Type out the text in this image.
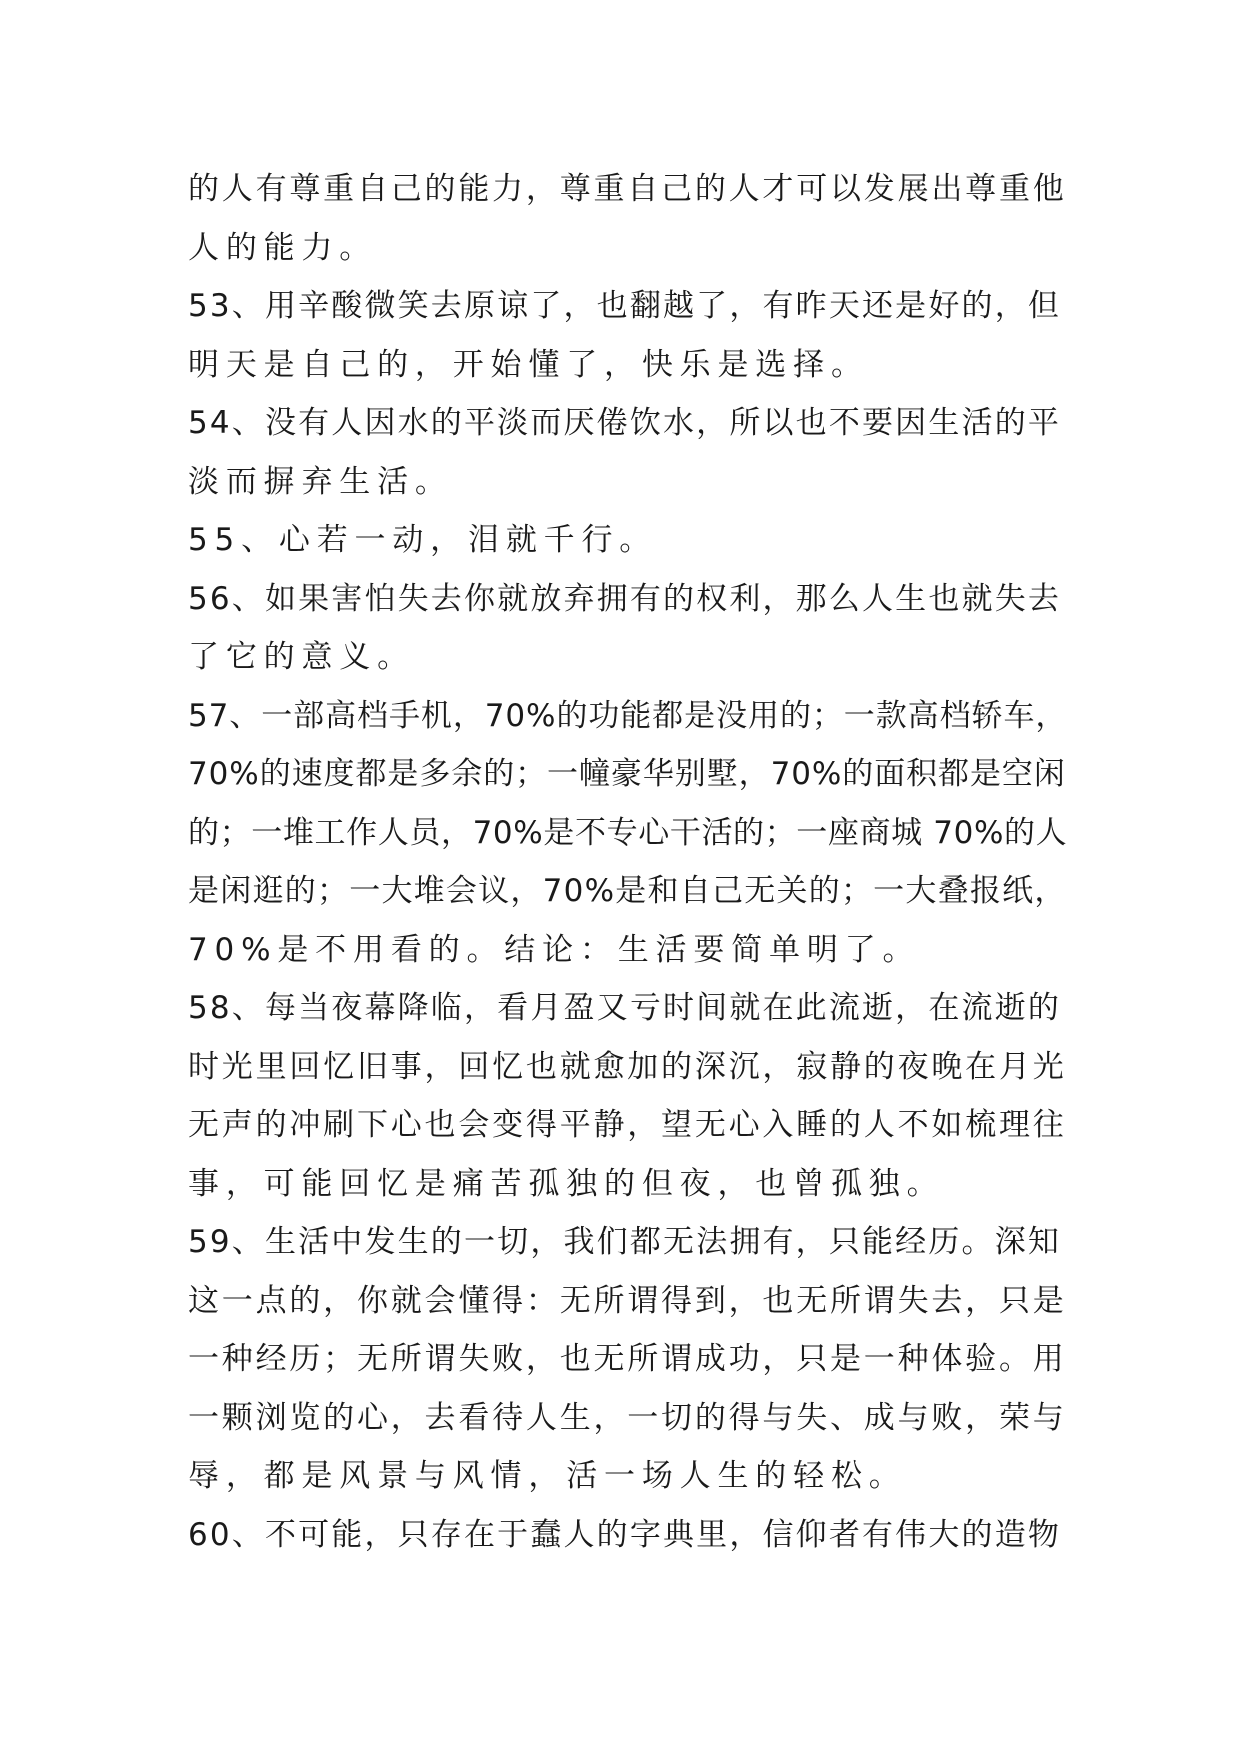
的人有尊重自己的能力，尊重自己的人才可以发展出尊重他
人的能力。
53、用辛酸微笑去原谅了，也翻越了，有昨天还是好的，但
明天是自己的，开始懂了，快乐是选择。
54、没有人因水的平淡而厌倦饮水，所以也不要因生活的平
淡而摒弃生活。
55、心若一动，泪就千行。
56、如果害怕失去你就放弃拥有的权利，那么人生也就失去
了它的意义。
57、一部高档手机，70%的功能都是没用的；一款高档轿车，
70%的速度都是多余的；一幢豪华别墅，70%的面积都是空闲
的；一堆工作人员，70%是不专心干活的；一座商城 70%的人
是闲逛的；一大堆会议，70%是和自己无关的；一大叠报纸，
70%是不用看的。结论：生活要简单明了。
58、每当夜幕降临，看月盈又亏时间就在此流逝，在流逝的
时光里回忆旧事，回忆也就愈加的深沉，寂静的夜晚在月光
无声的冲刷下心也会变得平静，望无心入睡的人不如梳理往
事，可能回忆是痛苦孤独的但夜，也曾孤独。
59、生活中发生的一切，我们都无法拥有，只能经历。深知
这一点的，你就会懂得：无所谓得到，也无所谓失去，只是
一种经历；无所谓失败，也无所谓成功，只是一种体验。用
一颗浏览的心，去看待人生，一切的得与失、成与败，荣与
辱，都是风景与风情，活一场人生的轻松。
60、不可能，只存在于蠢人的字典里，信仰者有伟大的造物
